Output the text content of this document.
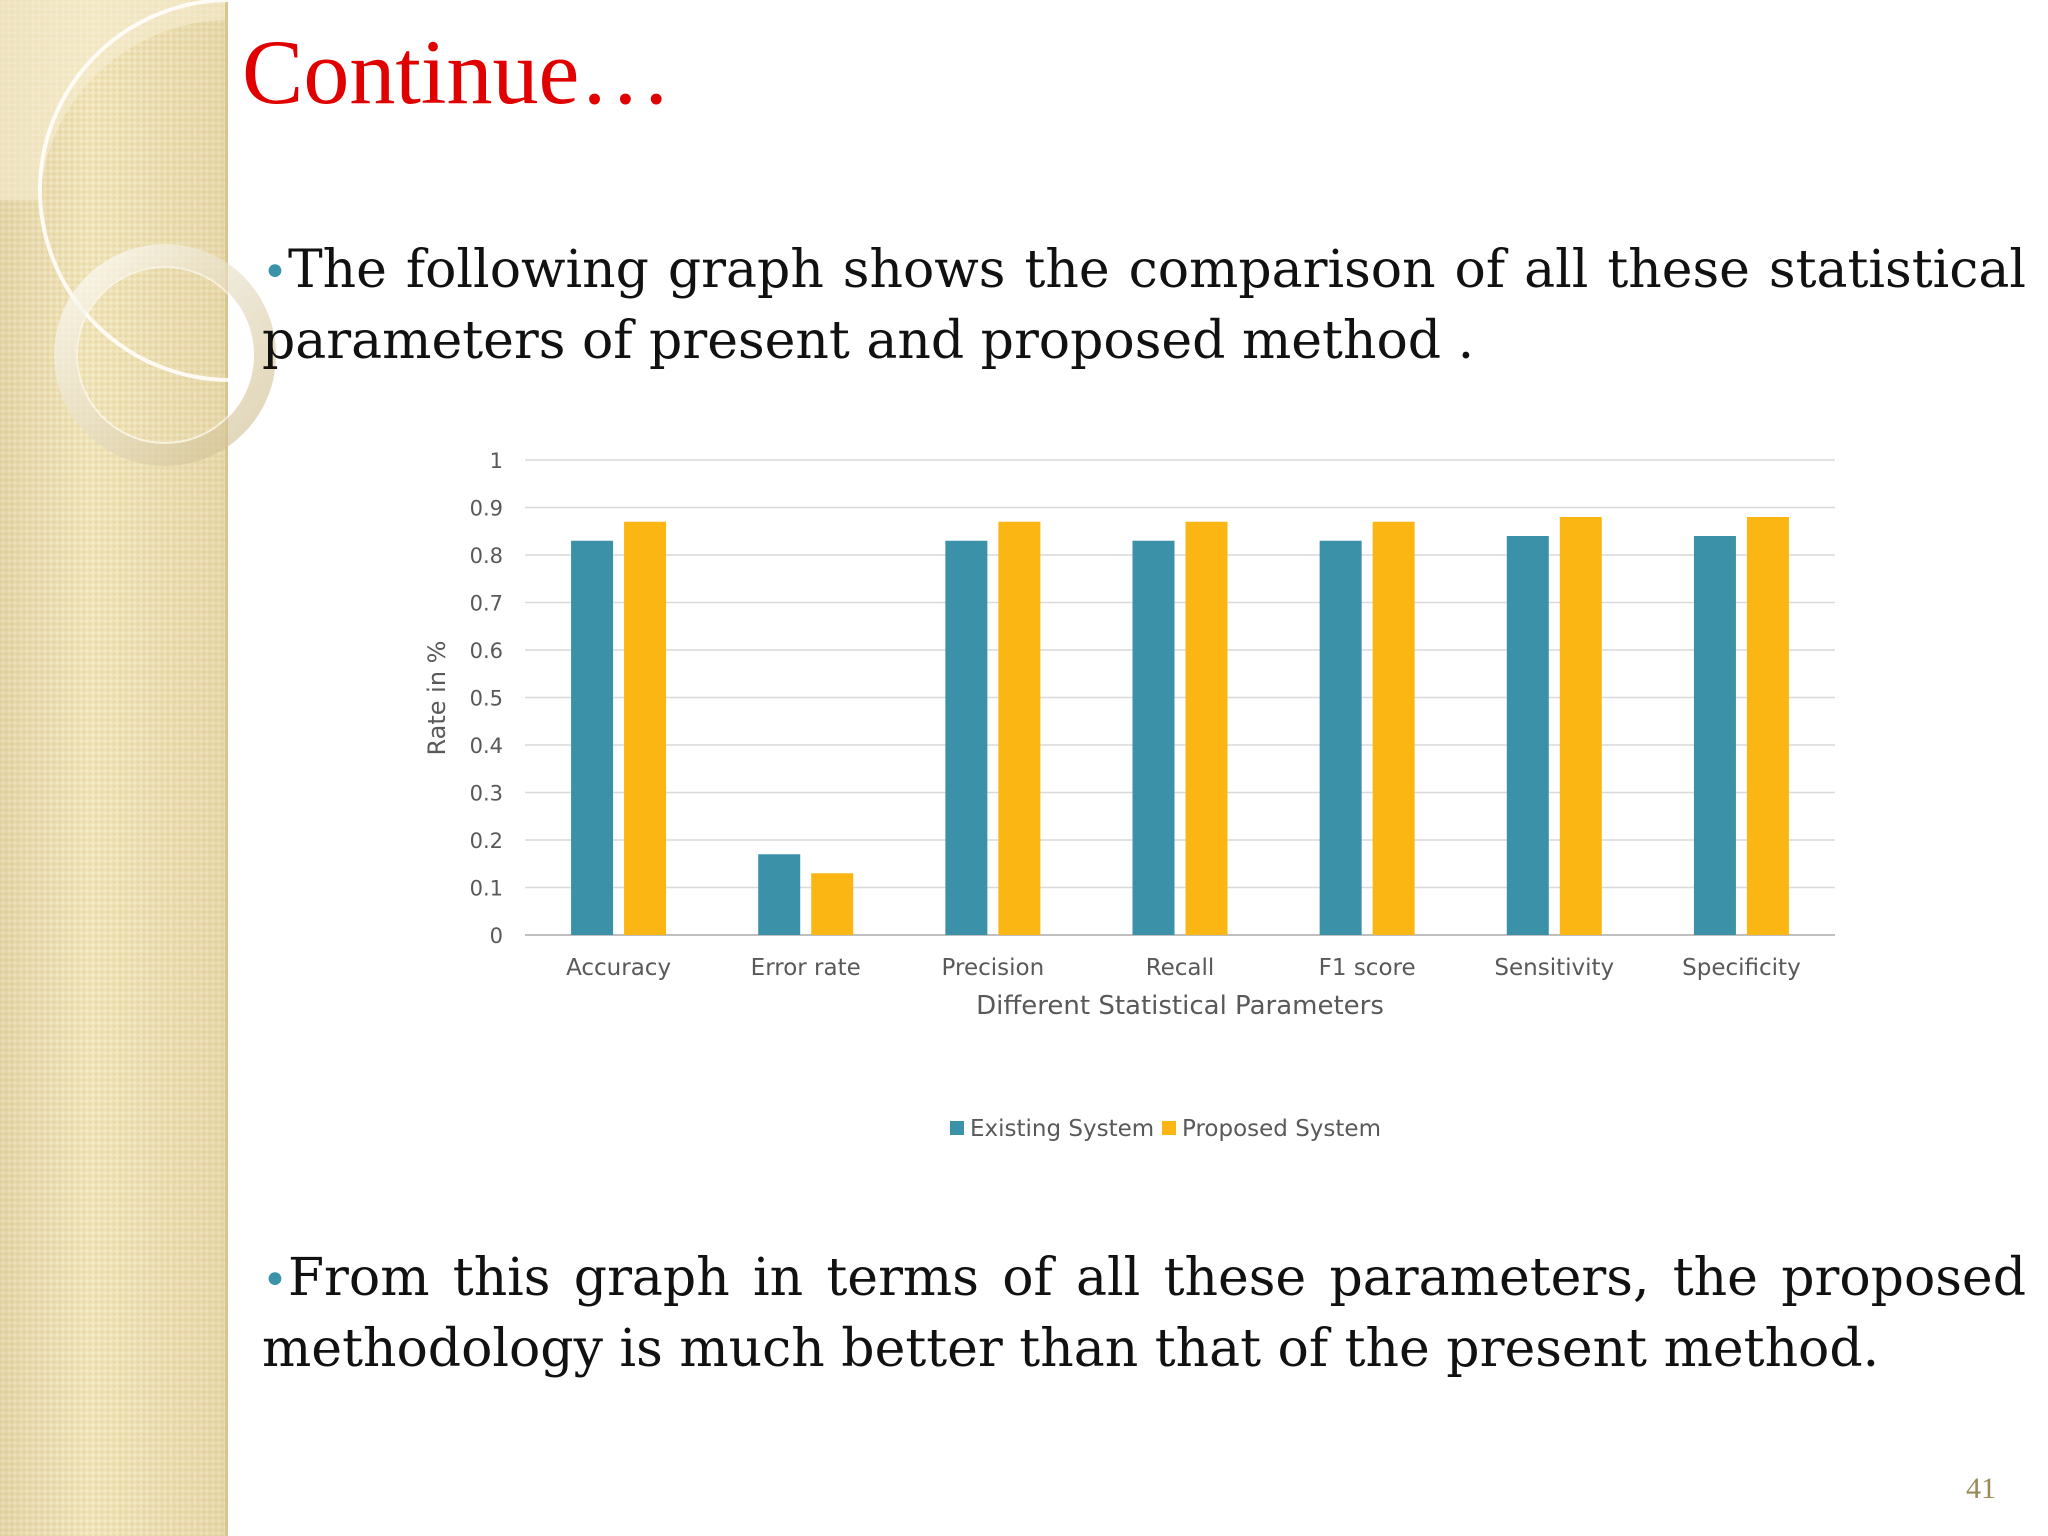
Continue…
•The following graph shows the comparison of all these statistical parameters of present and proposed method .
0
0.1
0.2
0.3
0.4
0.5
0.6
0.7
0.8
0.9
1
Accuracy	Error rate	Precision	Recall	F1 score	Sensitivity	Specificity
Rate in %
Different Statistical Parameters
Existing System Proposed System
•From this graph in terms of all these parameters, the proposed methodology is much better than that of the present method.
41
